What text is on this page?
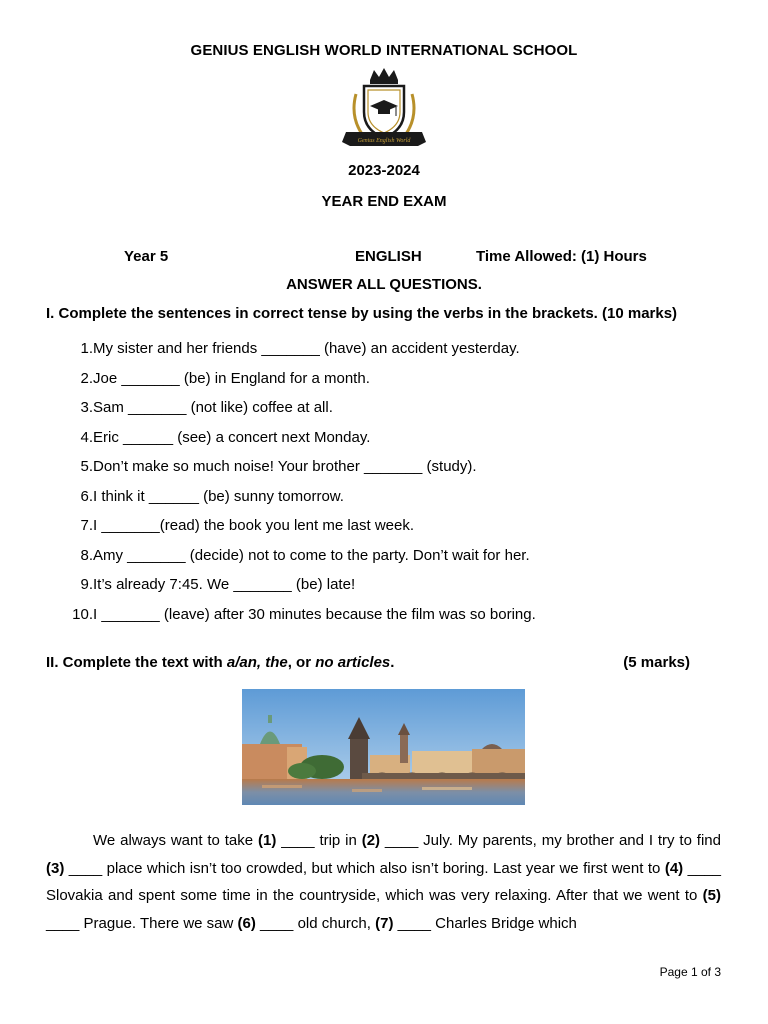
GENIUS ENGLISH WORLD INTERNATIONAL SCHOOL
Genius English World
2023-2024
YEAR END EXAM
Year 5	ENGLISH	Time Allowed: (1) Hours
ANSWER ALL QUESTIONS.
I. Complete the sentences in correct tense by using the verbs in the brackets. (10 marks)
1. My sister and her friends _______ (have) an accident yesterday.
2. Joe _______ (be) in England for a month.
3. Sam _______ (not like) coffee at all.
4. Eric ______ (see) a concert next Monday.
5. Don’t make so much noise! Your brother _______ (study).
6. I think it ______ (be) sunny tomorrow.
7. I _______(read) the book you lent me last week.
8. Amy _______ (decide) not to come to the party. Don’t wait for her.
9. It’s already 7:45. We _______ (be) late!
10. I _______ (leave) after 30 minutes because the film was so boring.
II. Complete the text with a/an, the, or no articles.	(5 marks)

We always want to take (1) ____ trip in (2) ____ July. My parents, my brother and I try to find (3) ____ place which isn’t too crowded, but which also isn’t boring. Last year we first went to (4) ____ Slovakia and spent some time in the countryside, which was very relaxing. After that we went to (5) ____ Prague. There we saw (6) ____ old church, (7) ____ Charles Bridge which

Page 1 of 3
